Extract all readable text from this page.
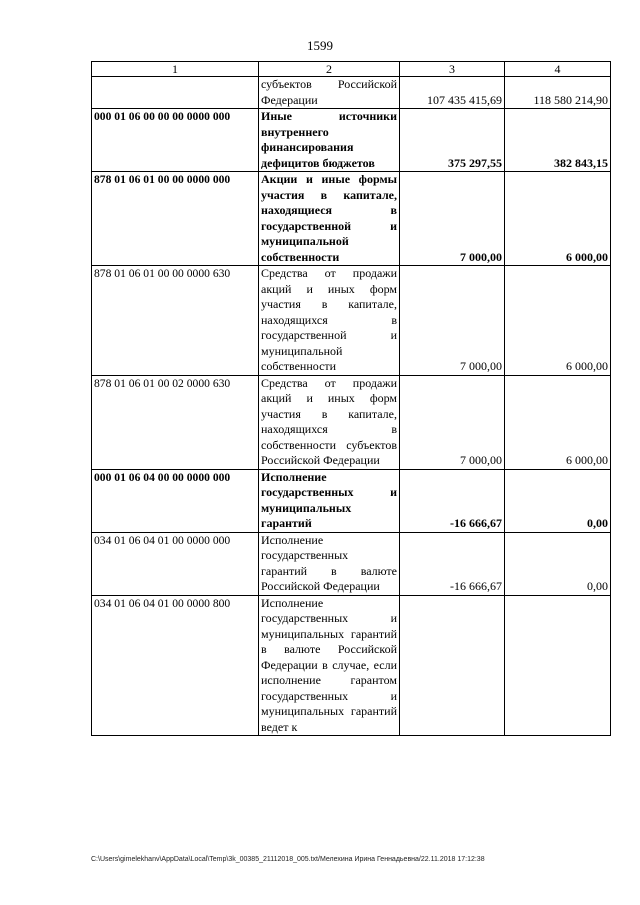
1599
1	2	3	4
	субъектов Российской Федерации	107 435 415,69	118 580 214,90
000 01 06 00 00 00 0000 000	Иные источники внутреннего финансирования дефицитов бюджетов	375 297,55	382 843,15
878 01 06 01 00 00 0000 000	Акции и иные формы участия в капитале, находящиеся в государственной и муниципальной собственности	7 000,00	6 000,00
878 01 06 01 00 00 0000 630	Средства от продажи акций и иных форм участия в капитале, находящихся в государственной и муниципальной собственности	7 000,00	6 000,00
878 01 06 01 00 02 0000 630	Средства от продажи акций и иных форм участия в капитале, находящихся в собственности субъектов Российской Федерации	7 000,00	6 000,00
000 01 06 04 00 00 0000 000	Исполнение государственных и муниципальных гарантий	-16 666,67	0,00
034 01 06 04 01 00 0000 000	Исполнение государственных гарантий в валюте Российской Федерации	-16 666,67	0,00
034 01 06 04 01 00 0000 800	Исполнение государственных и муниципальных гарантий в валюте Российской Федерации в случае, если исполнение гарантом государственных и муниципальных гарантий ведет к		
C:\Users\gimelekhanv\AppData\Local\Temp\3k_00385_21112018_005.txt/Мелехина Ирина Геннадьевна/22.11.2018 17:12:38
